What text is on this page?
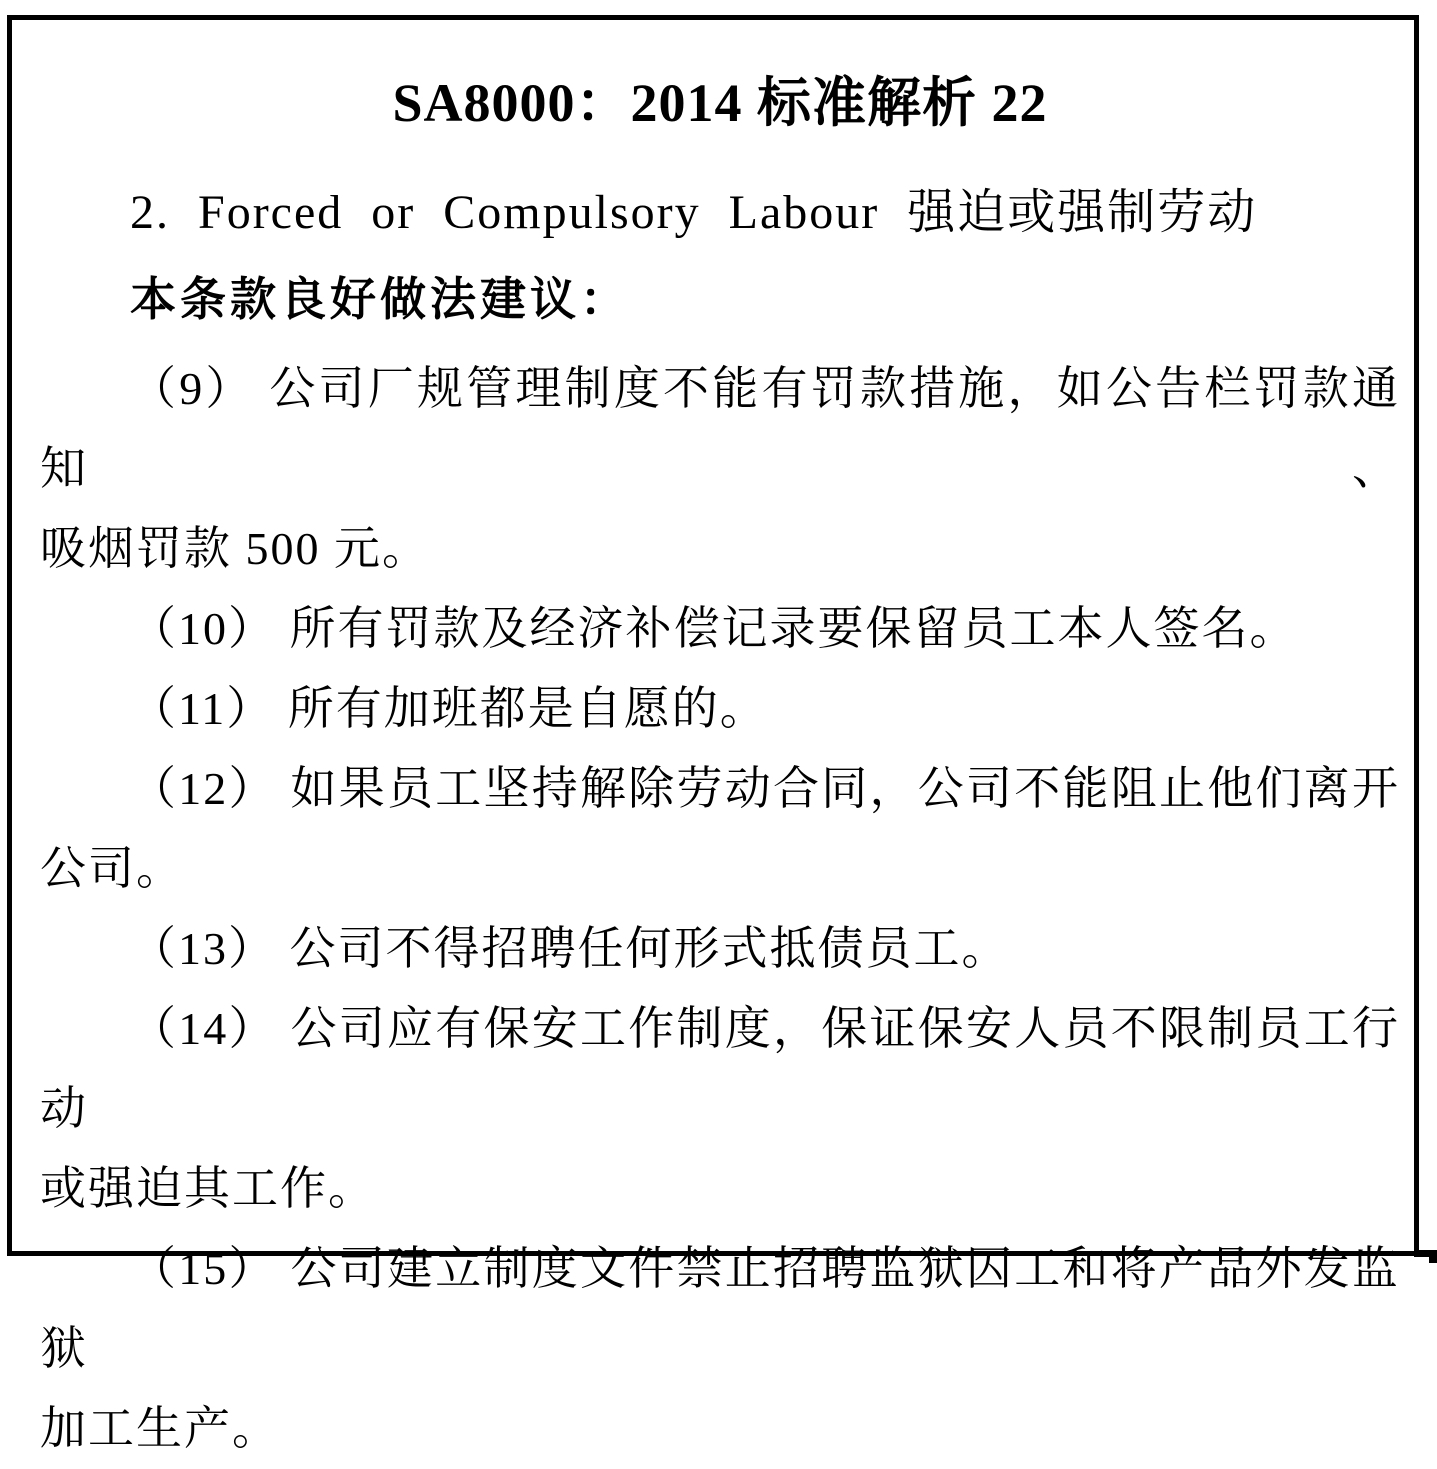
SA8000：2014 标准解析 22

2. Forced or Compulsory Labour 强迫或强制劳动

本条款良好做法建议：

（9） 公司厂规管理制度不能有罚款措施，如公告栏罚款通知、

吸烟罚款 500 元。

（10） 所有罚款及经济补偿记录要保留员工本人签名。

（11） 所有加班都是自愿的。

（12） 如果员工坚持解除劳动合同，公司不能阻止他们离开

公司。

（13） 公司不得招聘任何形式抵债员工。

（14） 公司应有保安工作制度，保证保安人员不限制员工行动

或强迫其工作。

（15） 公司建立制度文件禁止招聘监狱囚工和将产品外发监狱

加工生产。
